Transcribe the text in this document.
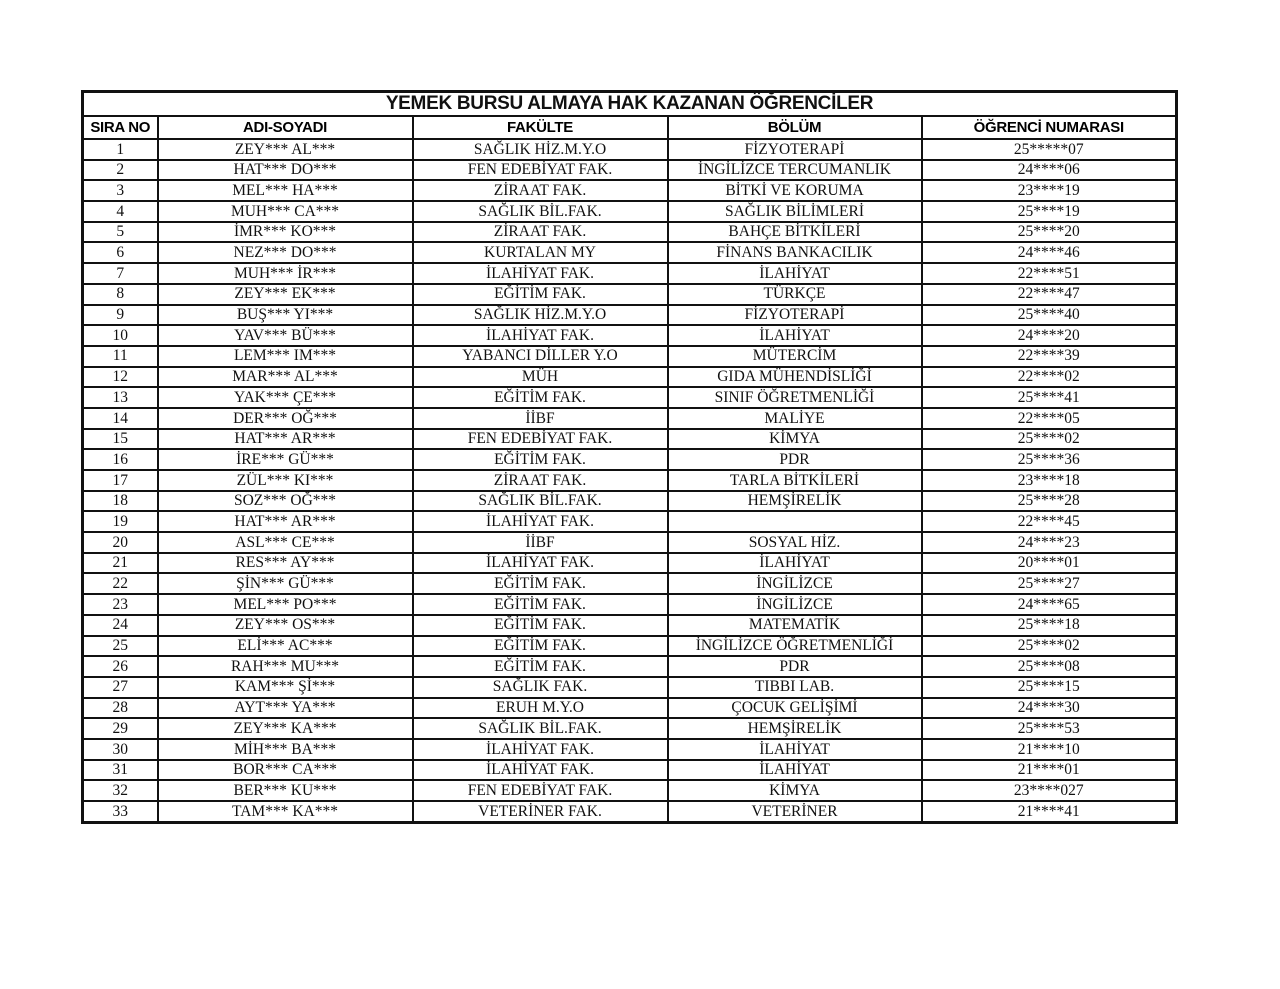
YEMEK BURSU ALMAYA HAK KAZANAN ÖĞRENCİLER				
SIRA NO	ADI-SOYADI	FAKÜLTE	BÖLÜM	ÖĞRENCİ NUMARASI
1	ZEY*** AL***	SAĞLIK HİZ.M.Y.O	FİZYOTERAPİ	25*****07
2	HAT*** DO***	FEN EDEBİYAT FAK.	İNGİLİZCE TERCUMANLIK	24****06
3	MEL*** HA***	ZİRAAT FAK.	BİTKİ VE KORUMA	23****19
4	MUH*** CA***	SAĞLIK BİL.FAK.	SAĞLIK BİLİMLERİ	25****19
5	İMR*** KO***	ZİRAAT FAK.	BAHÇE BİTKİLERİ	25****20
6	NEZ*** DO***	KURTALAN MY	FİNANS BANKACILIK	24****46
7	MUH*** İR***	İLAHİYAT FAK.	İLAHİYAT	22****51
8	ZEY*** EK***	EĞİTİM FAK.	TÜRKÇE	22****47
9	BUŞ*** YI***	SAĞLIK HİZ.M.Y.O	FİZYOTERAPİ	25****40
10	YAV*** BÜ***	İLAHİYAT FAK.	İLAHİYAT	24****20
11	LEM*** IM***	YABANCI DİLLER Y.O	MÜTERCİM	22****39
12	MAR*** AL***	MÜH	GIDA MÜHENDİSLİĞİ	22****02
13	YAK*** ÇE***	EĞİTİM FAK.	SINIF ÖĞRETMENLİĞİ	25****41
14	DER*** OĞ***	İİBF	MALİYE	22****05
15	HAT*** AR***	FEN EDEBİYAT FAK.	KİMYA	25****02
16	İRE*** GÜ***	EĞİTİM FAK.	PDR	25****36
17	ZÜL*** KI***	ZİRAAT FAK.	TARLA BİTKİLERİ	23****18
18	SOZ*** OĞ***	SAĞLIK BİL.FAK.	HEMŞİRELİK	25****28
19	HAT*** AR***	İLAHİYAT FAK.		22****45
20	ASL*** CE***	İİBF	SOSYAL HİZ.	24****23
21	RES*** AY***	İLAHİYAT FAK.	İLAHİYAT	20****01
22	ŞİN*** GÜ***	EĞİTİM FAK.	İNGİLİZCE	25****27
23	MEL*** PO***	EĞİTİM FAK.	İNGİLİZCE	24****65
24	ZEY*** OS***	EĞİTİM FAK.	MATEMATİK	25****18
25	ELİ*** AC***	EĞİTİM FAK.	İNGİLİZCE ÖĞRETMENLİĞİ	25****02
26	RAH*** MU***	EĞİTİM FAK.	PDR	25****08
27	KAM*** Şİ***	SAĞLIK FAK.	TIBBI LAB.	25****15
28	AYT*** YA***	ERUH M.Y.O	ÇOCUK GELİŞİMİ	24****30
29	ZEY*** KA***	SAĞLIK BİL.FAK.	HEMŞİRELİK	25****53
30	MİH*** BA***	İLAHİYAT FAK.	İLAHİYAT	21****10
31	BOR*** CA***	İLAHİYAT FAK.	İLAHİYAT	21****01
32	BER*** KU***	FEN EDEBİYAT FAK.	KİMYA	23****027
33	TAM*** KA***	VETERİNER FAK.	VETERİNER	21****41
